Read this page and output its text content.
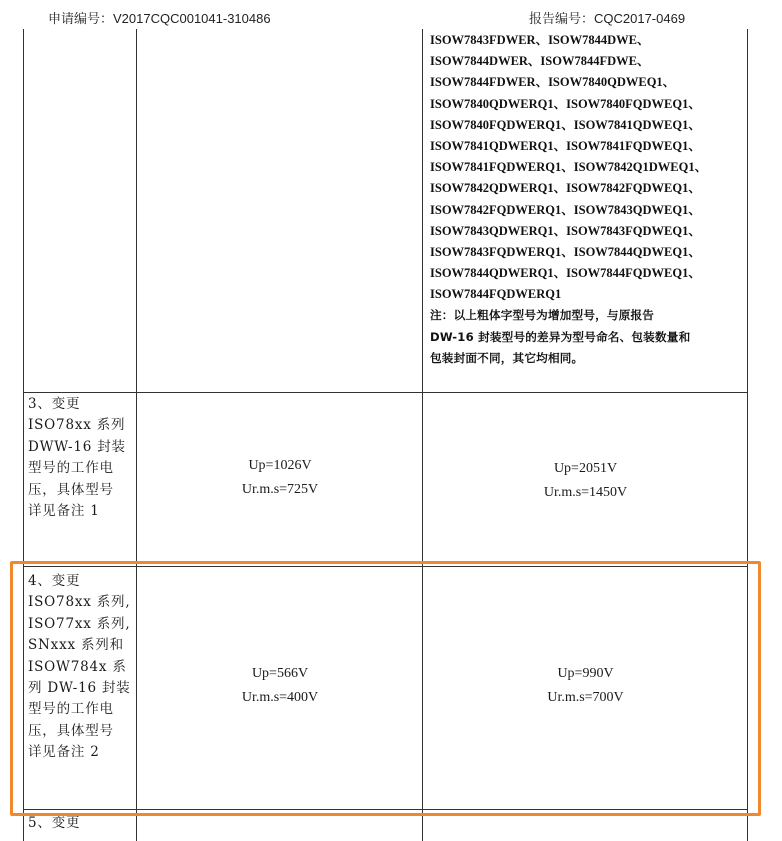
申请编号：V2017CQC001041-310486	报告编号：CQC2017-0469
ISOW7843FDWER、ISOW7844DWE、
ISOW7844DWER、ISOW7844FDWE、
ISOW7844FDWER、ISOW7840QDWEQ1、
ISOW7840QDWERQ1、ISOW7840FQDWEQ1、
ISOW7840FQDWERQ1、ISOW7841QDWEQ1、
ISOW7841QDWERQ1、ISOW7841FQDWEQ1、
ISOW7841FQDWERQ1、ISOW7842Q1DWEQ1、
ISOW7842QDWERQ1、ISOW7842FQDWEQ1、
ISOW7842FQDWERQ1、ISOW7843QDWEQ1、
ISOW7843QDWERQ1、ISOW7843FQDWEQ1、
ISOW7843FQDWERQ1、ISOW7844QDWEQ1、
ISOW7844QDWERQ1、ISOW7844FQDWEQ1、
ISOW7844FQDWERQ1
注：以上粗体字型号为增加型号，与原报告
DW-16 封装型号的差异为型号命名、包装数量和
包装封面不同，其它均相同。
3、变更
ISO78xx 系列
DWW-16 封装
型号的工作电
压，具体型号
详见备注 1
Up=1026V
Ur.m.s=725V
Up=2051V
Ur.m.s=1450V
4、变更
ISO78xx 系列,
ISO77xx 系列,
SNxxx 系列和
ISOW784x 系
列 DW-16 封装
型号的工作电
压，具体型号
详见备注 2
Up=566V
Ur.m.s=400V
Up=990V
Ur.m.s=700V
5、变更
